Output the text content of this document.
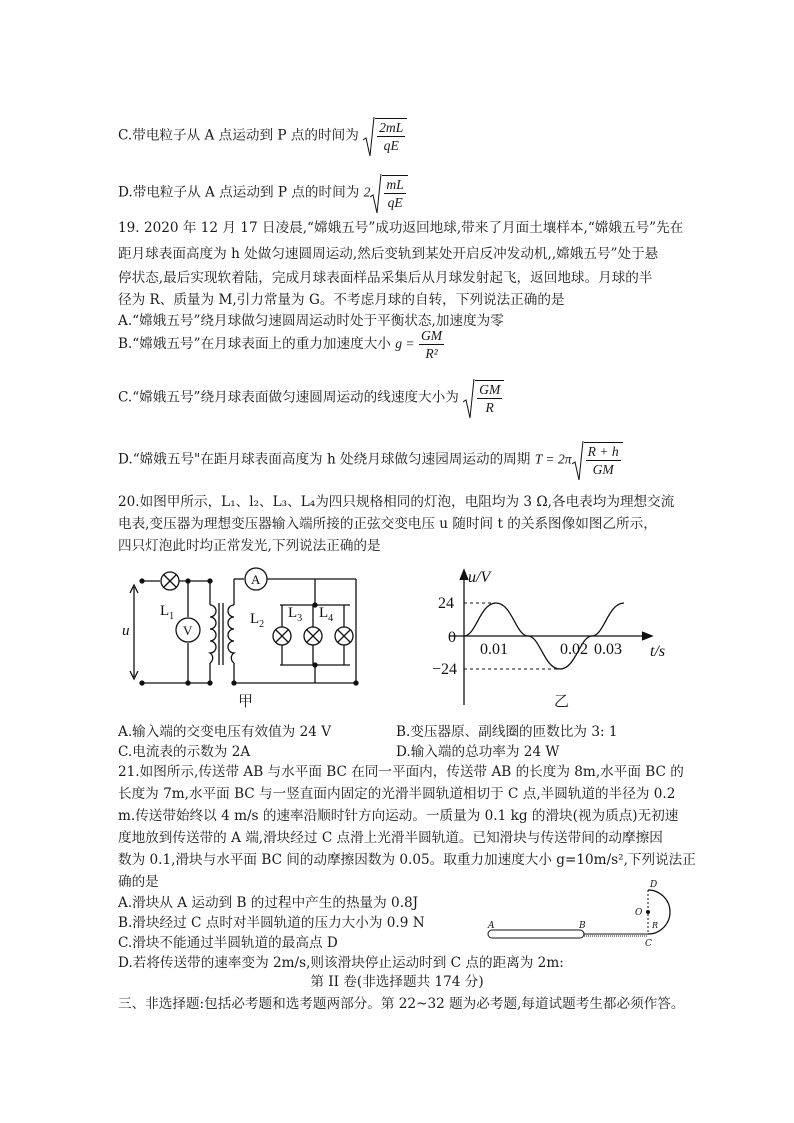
C.带电粒子从 A 点运动到 P 点的时间为 $\frac{2mL}{qE}$
D.带电粒子从 A 点运动到 P 点的时间为 $2 \frac{mL}{qE}$
19. 2020 年 12 月 17 日凌晨,“嫦娥五号”成功返回地球,带来了月面土壤样本,“嫦娥五号”先在
距月球表面高度为 h 处做匀速圆周运动,然后变轨到某处开启反冲发动机,,嫦娥五号”处于悬
停状态,最后实现软着陆，完成月球表面样品采集后从月球发射起飞，返回地球。月球的半
径为 R、质量为 M,引力常量为 G。不考虑月球的自转，下列说法正确的是
A.“嫦娥五号”绕月球做匀速圆周运动时处于平衡状态,加速度为零
B.“嫦娥五号”在月球表面上的重力加速度大小 $g = \frac{GM}{\text{R²}}$
C.“嫦娥五号”绕月球表面做匀速圆周运动的线速度大小为 $\frac{GM}{R}$
D.“嫦娥五号"在距月球表面高度为 h 处绕月球做匀速园周运动的周期 $T = 2\pi \frac{R + h}{GM}$
20.如图甲所示，L₁、l₂、L₃、L₄为四只规格相同的灯泡，电阻均为 3 Ω,各电表均为理想交流
电表,变压器为理想变压器输入端所接的正弦交变电压 u 随时间 t 的关系图像如图乙所示，
四只灯泡此时均正常发光,下列说法正确的是
u
$L_1$
V
A
$L_2$
$L_3$ $L_4$
甲
u/V
t/s
24
0
−24
0.01	0.02 0.03
乙
A.输入端的交变电压有效值为 24 V	B.变压器原、副线圈的匝数比为 3: 1
C.电流表的示数为 2A	D.输入端的总功率为 24 W
21.如图所示,传送带 AB 与水平面 BC 在同一平面内，传送带 AB 的长度为 8m,水平面 BC 的
长度为 7m,水平面 BC 与一竖直面内固定的光滑半圆轨道相切于 C 点,半圆轨道的半径为 0.2
m.传送带始终以 4 m/s 的速率沿顺时针方向运动。一质量为 0.1 kg 的滑块(视为质点)无初速
度地放到传送带的 A 端,滑块经过 C 点滑上光滑半圆轨道。已知滑块与传送带间的动摩擦因
数为 0.1,滑块与水平面 BC 间的动摩擦因数为 0.05。取重力加速度大小 g=10m/s²,下列说法正
确的是
A.滑块从 A 运动到 B 的过程中产生的热量为 0.8J
B.滑块经过 C 点时对半圆轨道的压力大小为 0.9 N
C.滑块不能通过半圆轨道的最高点 D
D.若将传送带的速率变为 2m/s,则该滑块停止运动时到 C 点的距离为 2m:
A	B
C
D
O
R
第 II 卷(非选择题共 174 分)
三、非选择题:包括必考题和选考题两部分。第 22~32 题为必考题,每道试题考生都必须作答。
